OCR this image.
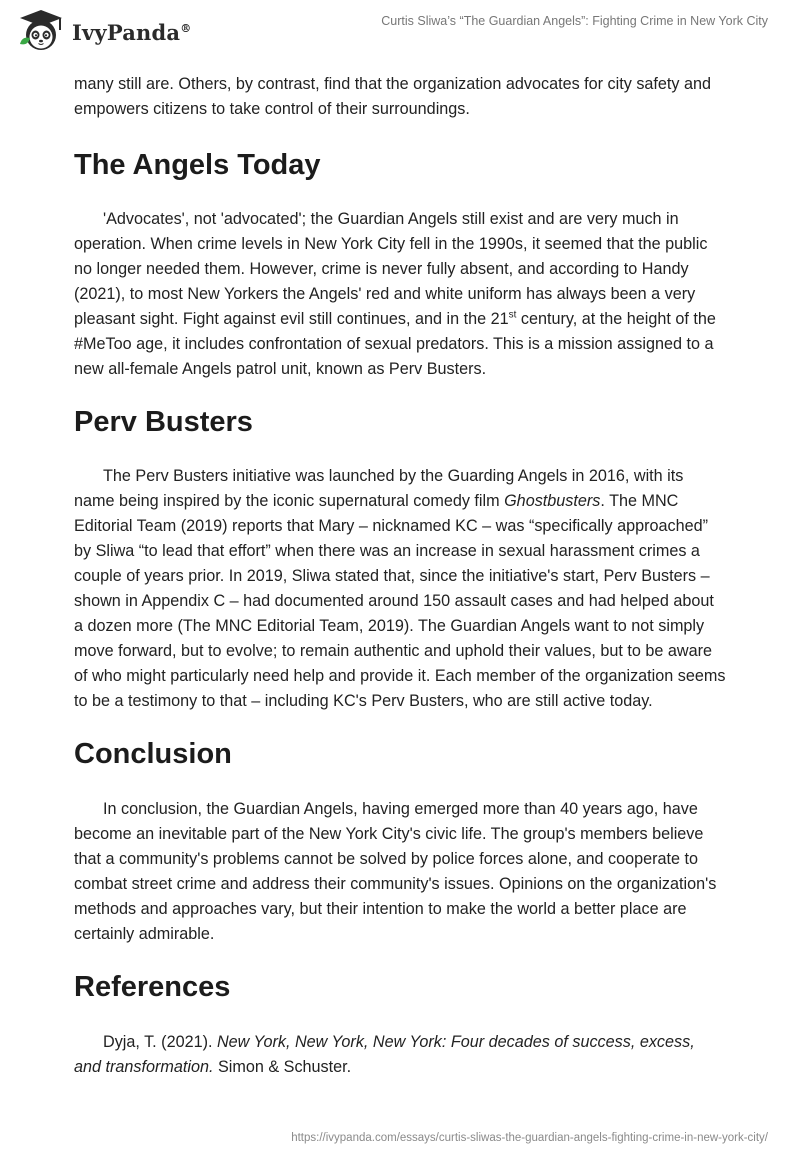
IvyPanda®
Curtis Sliwa’s “The Guardian Angels”: Fighting Crime in New York City

many still are. Others, by contrast, find that the organization advocates for city safety and empowers citizens to take control of their surroundings.

The Angels Today

'Advocates', not 'advocated'; the Guardian Angels still exist and are very much in operation. When crime levels in New York City fell in the 1990s, it seemed that the public no longer needed them. However, crime is never fully absent, and according to Handy (2021), to most New Yorkers the Angels' red and white uniform has always been a very pleasant sight. Fight against evil still continues, and in the 21st century, at the height of the #MeToo age, it includes confrontation of sexual predators. This is a mission assigned to a new all-female Angels patrol unit, known as Perv Busters.

Perv Busters

The Perv Busters initiative was launched by the Guarding Angels in 2016, with its name being inspired by the iconic supernatural comedy film Ghostbusters. The MNC Editorial Team (2019) reports that Mary – nicknamed KC – was “specifically approached” by Sliwa “to lead that effort” when there was an increase in sexual harassment crimes a couple of years prior. In 2019, Sliwa stated that, since the initiative's start, Perv Busters – shown in Appendix C – had documented around 150 assault cases and had helped about a dozen more (The MNC Editorial Team, 2019). The Guardian Angels want to not simply move forward, but to evolve; to remain authentic and uphold their values, but to be aware of who might particularly need help and provide it. Each member of the organization seems to be a testimony to that – including KC's Perv Busters, who are still active today.

Conclusion

In conclusion, the Guardian Angels, having emerged more than 40 years ago, have become an inevitable part of the New York City's civic life. The group's members believe that a community's problems cannot be solved by police forces alone, and cooperate to combat street crime and address their community's issues. Opinions on the organization's methods and approaches vary, but their intention to make the world a better place are certainly admirable.

References

Dyja, T. (2021). New York, New York, New York: Four decades of success, excess, and transformation. Simon & Schuster.

https://ivypanda.com/essays/curtis-sliwas-the-guardian-angels-fighting-crime-in-new-york-city/
